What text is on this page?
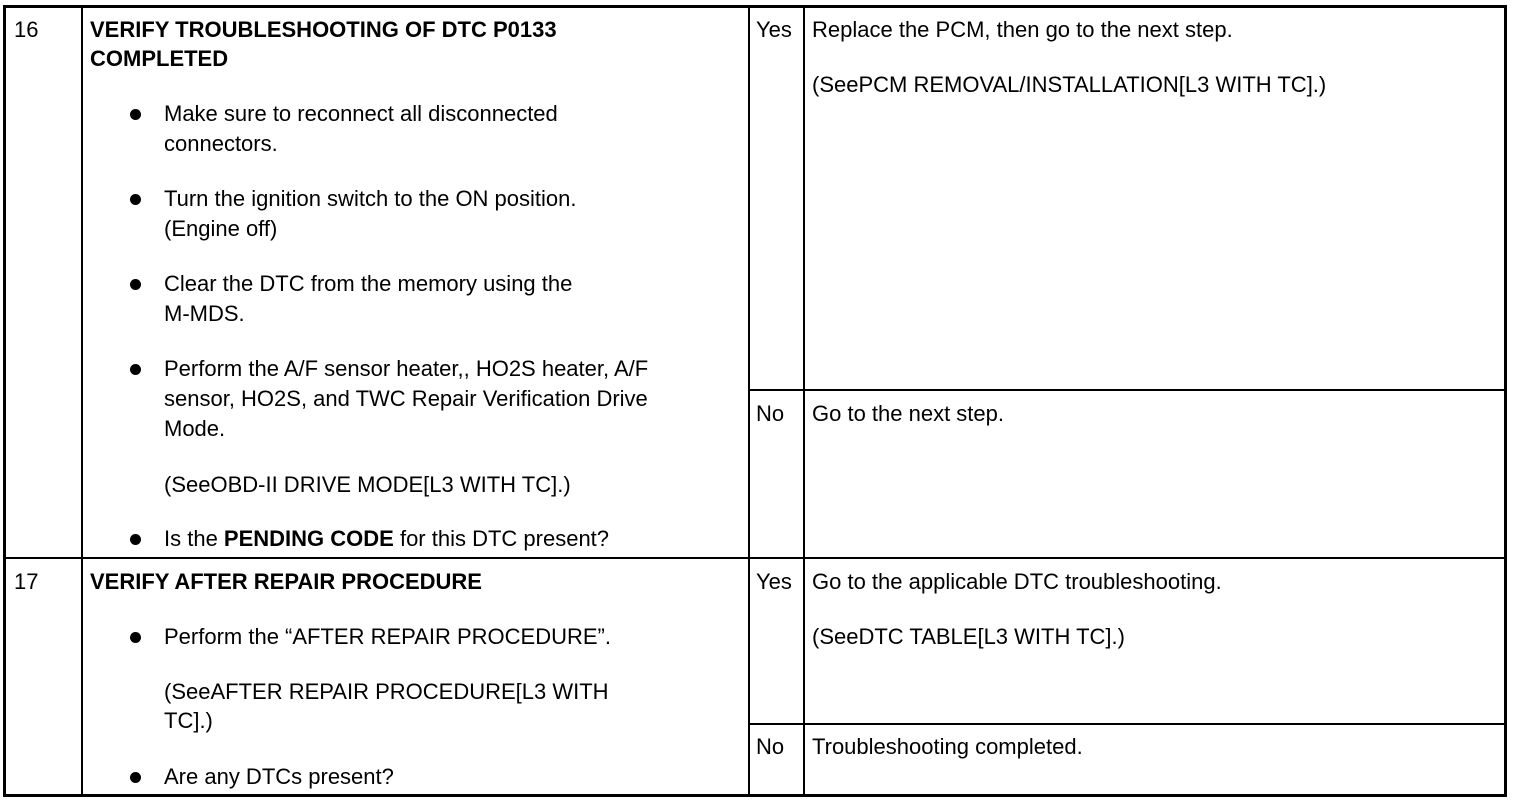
16 VERIFY TROUBLESHOOTING OF DTC P0133
COMPLETED
Make sure to reconnect all disconnected
connectors.
Turn the ignition switch to the ON position.
(Engine off)
Clear the DTC from the memory using the
M-MDS.
Perform the A/F sensor heater,, HO2S heater, A/F
sensor, HO2S, and TWC Repair Verification Drive
Mode.
(SeeOBD-II DRIVE MODE[L3 WITH TC].)
Is the PENDING CODE for this DTC present?
Yes Replace the PCM, then go to the next step.
(SeePCM REMOVAL/INSTALLATION[L3 WITH TC].)
No Go to the next step.
17 VERIFY AFTER REPAIR PROCEDURE
Perform the “AFTER REPAIR PROCEDURE”.
(SeeAFTER REPAIR PROCEDURE[L3 WITH
TC].)
Are any DTCs present?
Yes Go to the applicable DTC troubleshooting.
(SeeDTC TABLE[L3 WITH TC].)
No Troubleshooting completed.
